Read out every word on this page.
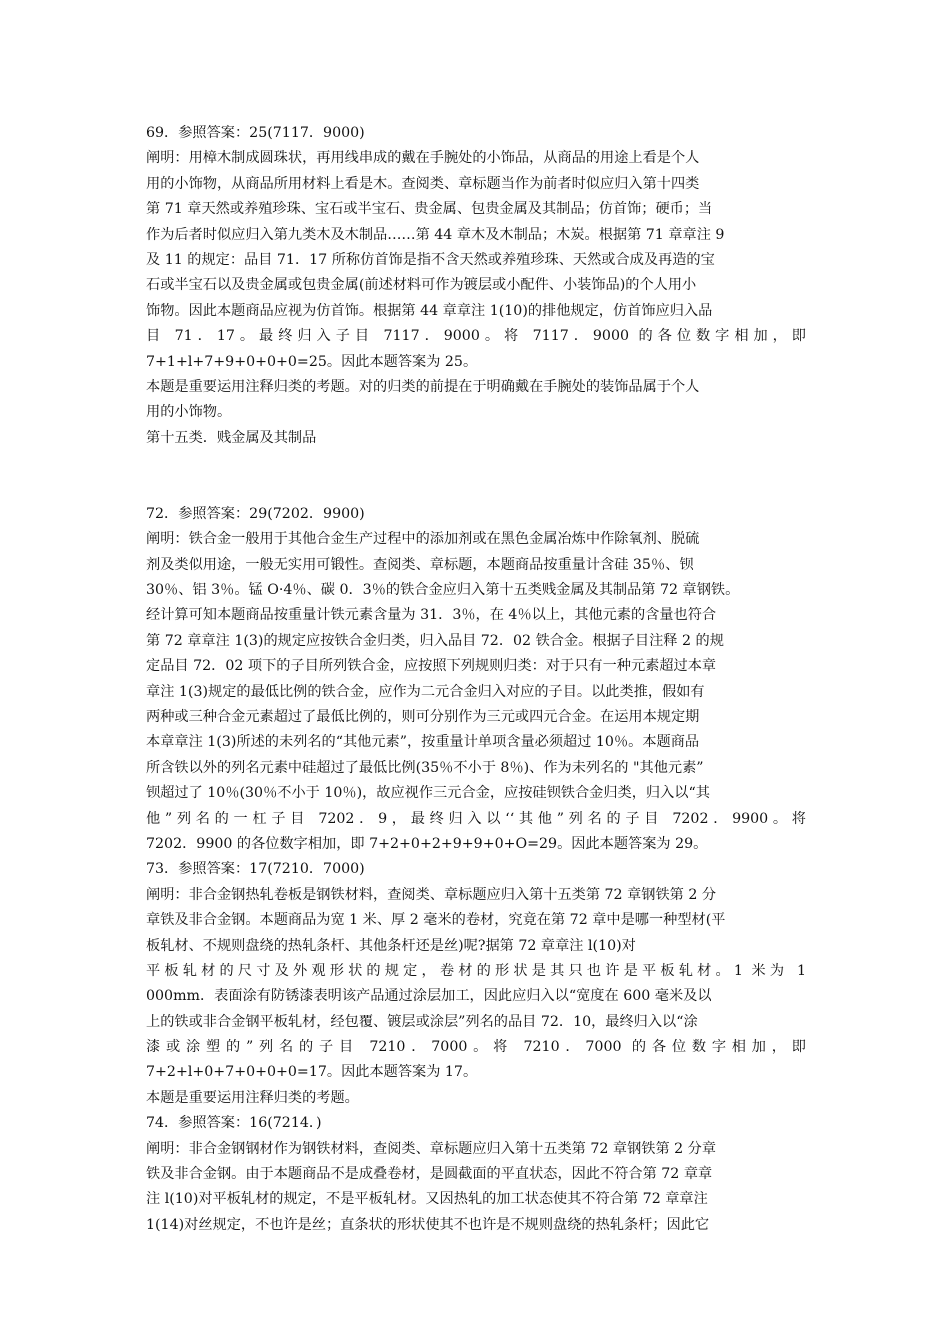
69．参照答案：25(7117．9000)
阐明：用樟木制成圆珠状，再用线串成的戴在手腕处的小饰品，从商品的用途上看是个人
用的小饰物，从商品所用材料上看是木。查阅类、章标题当作为前者时似应归入第十四类
第 71 章天然或养殖珍珠、宝石或半宝石、贵金属、包贵金属及其制品；仿首饰；硬币；当
作为后者时似应归入第九类木及木制品……第 44 章木及木制品；木炭。根据第 71 章章注 9
及 11 的规定：品目 71．17 所称仿首饰是指不含天然或养殖珍珠、天然或合成及再造的宝
石或半宝石以及贵金属或包贵金属(前述材料可作为镀层或小配件、小装饰品)的个人用小
饰物。因此本题商品应视为仿首饰。根据第 44 章章注 1(10)的排他规定，仿首饰应归入品
目 71．17。最终归入子目 7117．9000。将 7117．9000 的各位数字相加，即
7+1+l+7+9+0+0+0=25。因此本题答案为 25。
本题是重要运用注释归类的考题。对的归类的前提在于明确戴在手腕处的装饰品属于个人
用的小饰物。
第十五类．贱金属及其制品
72．参照答案：29(7202．9900)
阐明：铁合金一般用于其他合金生产过程中的添加剂或在黑色金属冶炼中作除氧剂、脱硫
剂及类似用途，一般无实用可锻性。查阅类、章标题，本题商品按重量计含硅 35％、钡
30％、铝 3％。锰 O·4％、碳 0．3％的铁合金应归入第十五类贱金属及其制品第 72 章钢铁。
经计算可知本题商品按重量计铁元素含量为 31．3％，在 4％以上，其他元素的含量也符合
第 72 章章注 1(3)的规定应按铁合金归类，归入品目 72．02 铁合金。根据子目注释 2 的规
定品目 72．02 项下的子目所列铁合金，应按照下列规则归类：对于只有一种元素超过本章
章注 1(3)规定的最低比例的铁合金，应作为二元合金归入对应的子目。以此类推，假如有
两种或三种合金元素超过了最低比例的，则可分别作为三元或四元合金。在运用本规定期
本章章注 1(3)所述的未列名的“其他元素”，按重量计单项含量必须超过 10％。本题商品
所含铁以外的列名元素中硅超过了最低比例(35％不小于 8％)、作为未列名的 "其他元素”
钡超过了 10％(30％不小于 10％)，故应视作三元合金，应按硅钡铁合金归类，归入以“其
他”列名的一杠子目 7202．9，最终归入以‘‘其他”列名的子目 7202．9900。将
7202．9900 的各位数字相加，即 7+2+0+2+9+9+0+O=29。因此本题答案为 29。
73．参照答案：17(7210．7000)
阐明：非合金钢热轧卷板是钢铁材料，查阅类、章标题应归入第十五类第 72 章钢铁第 2 分
章铁及非合金钢。本题商品为宽 1 米、厚 2 毫米的卷材，究竟在第 72 章中是哪一种型材(平
板轧材、不规则盘绕的热轧条杆、其他条杆还是丝)呢?据第 72 章章注 l(10)对
平板轧材的尺寸及外观形状的规定，卷材的形状是其只也许是平板轧材。1 米为 1
000mm．表面涂有防锈漆表明该产品通过涂层加工，因此应归入以“宽度在 600 毫米及以
上的铁或非合金钢平板轧材，经包覆、镀层或涂层”列名的品目 72．10，最终归入以“涂
漆或涂塑的”列名的子目 7210．7000。将 7210．7000 的各位数字相加，即
7+2+l+0+7+0+0+0=17。因此本题答案为 17。
本题是重要运用注释归类的考题。
74．参照答案：16(7214．)
阐明：非合金钢钢材作为钢铁材料，查阅类、章标题应归入第十五类第 72 章钢铁第 2 分章
铁及非合金钢。由于本题商品不是成叠卷材，是圆截面的平直状态，因此不符合第 72 章章
注 l(10)对平板轧材的规定，不是平板轧材。又因热轧的加工状态使其不符合第 72 章章注
1(14)对丝规定，不也许是丝；直条状的形状使其不也许是不规则盘绕的热轧条杆；因此它
